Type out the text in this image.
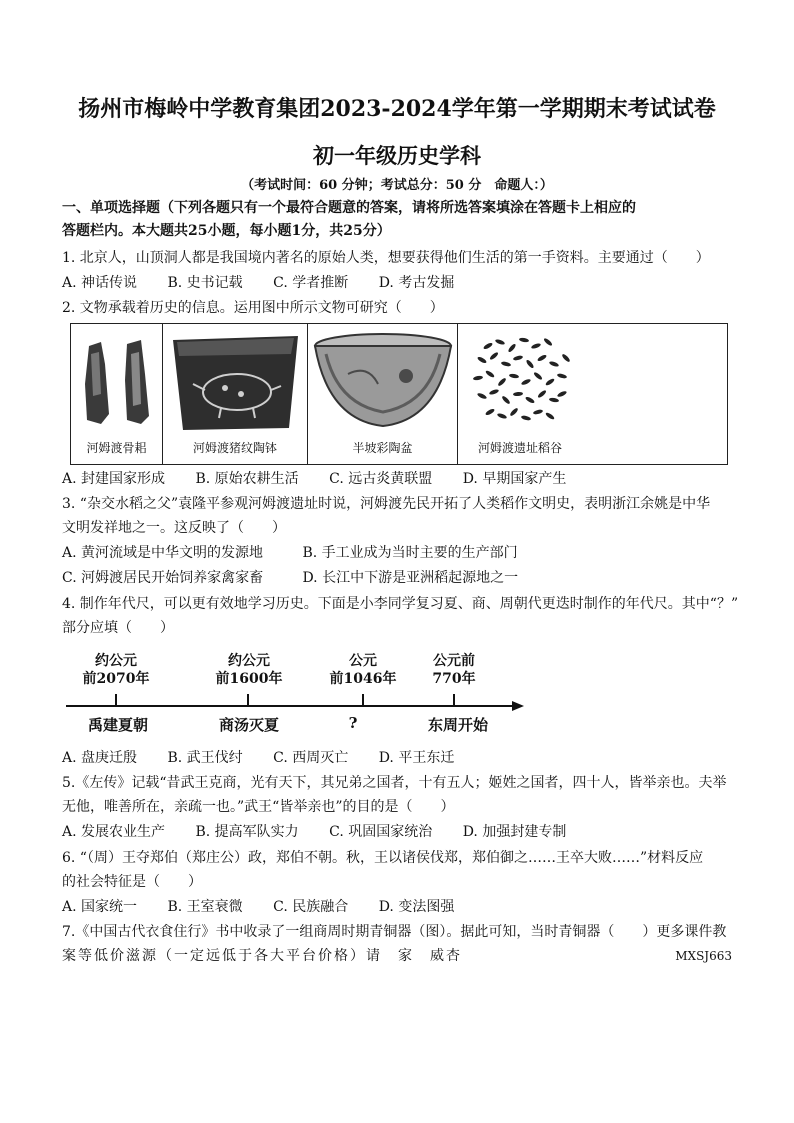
扬州市梅岭中学教育集团2023-2024学年第一学期期末考试试卷
初一年级历史学科
（考试时间：60 分钟；考试总分：50 分　命题人：）
一、单项选择题（下列各题只有一个最符合题意的答案，请将所选答案填涂在答题卡上相应的
答题栏内。本大题共25小题，每小题1分，共25分）
1. 北京人，山顶洞人都是我国境内著名的原始人类，想要获得他们生活的第一手资料。主要通过（　　）
A. 神话传说 B. 史书记载 C. 学者推断 D. 考古发掘
2. 文物承载着历史的信息。运用图中所示文物可研究（　　）
河姆渡骨耜	河姆渡猪纹陶钵	半坡彩陶盆	河姆渡遗址稻谷
A. 封建国家形成 B. 原始农耕生活 C. 远古炎黄联盟 D. 早期国家产生
3. “杂交水稻之父”袁隆平参观河姆渡遗址时说，河姆渡先民开拓了人类稻作文明史，表明浙江余姚是中华
文明发祥地之一。这反映了（　　）
A. 黄河流域是中华文明的发源地	B. 手工业成为当时主要的生产部门
C. 河姆渡居民开始饲养家禽家畜	D. 长江中下游是亚洲稻起源地之一
4. 制作年代尺，可以更有效地学习历史。下面是小李同学复习夏、商、周朝代更迭时制作的年代尺。其中“？”
部分应填（　　）
约公元
前2070年
约公元
前1600年
公元
前1046年
公元前
770年
禹建夏朝	商汤灭夏	?	东周开始
A. 盘庚迁殷 B. 武王伐纣 C. 西周灭亡 D. 平王东迁
5.《左传》记载“昔武王克商，光有天下，其兄弟之国者，十有五人；姬姓之国者，四十人，皆举亲也。夫举
无他，唯善所在，亲疏一也。”武王“皆举亲也”的目的是（　　）
A. 发展农业生产 B. 提高军队实力 C. 巩固国家统治 D. 加强封建专制
6. “（周）王夺郑伯（郑庄公）政，郑伯不朝。秋，王以诸侯伐郑，郑伯御之……王卒大败……”材料反应
的社会特征是（　　）
A. 国家统一 B. 王室衰微 C. 民族融合 D. 变法图强
7.《中国古代衣食住行》书中收录了一组商周时期青铜器（图）。据此可知，当时青铜器（　　）更多课件教
案等低价滋源（一定远低于各大平台价格）请　家　威杏	MXSJ663
